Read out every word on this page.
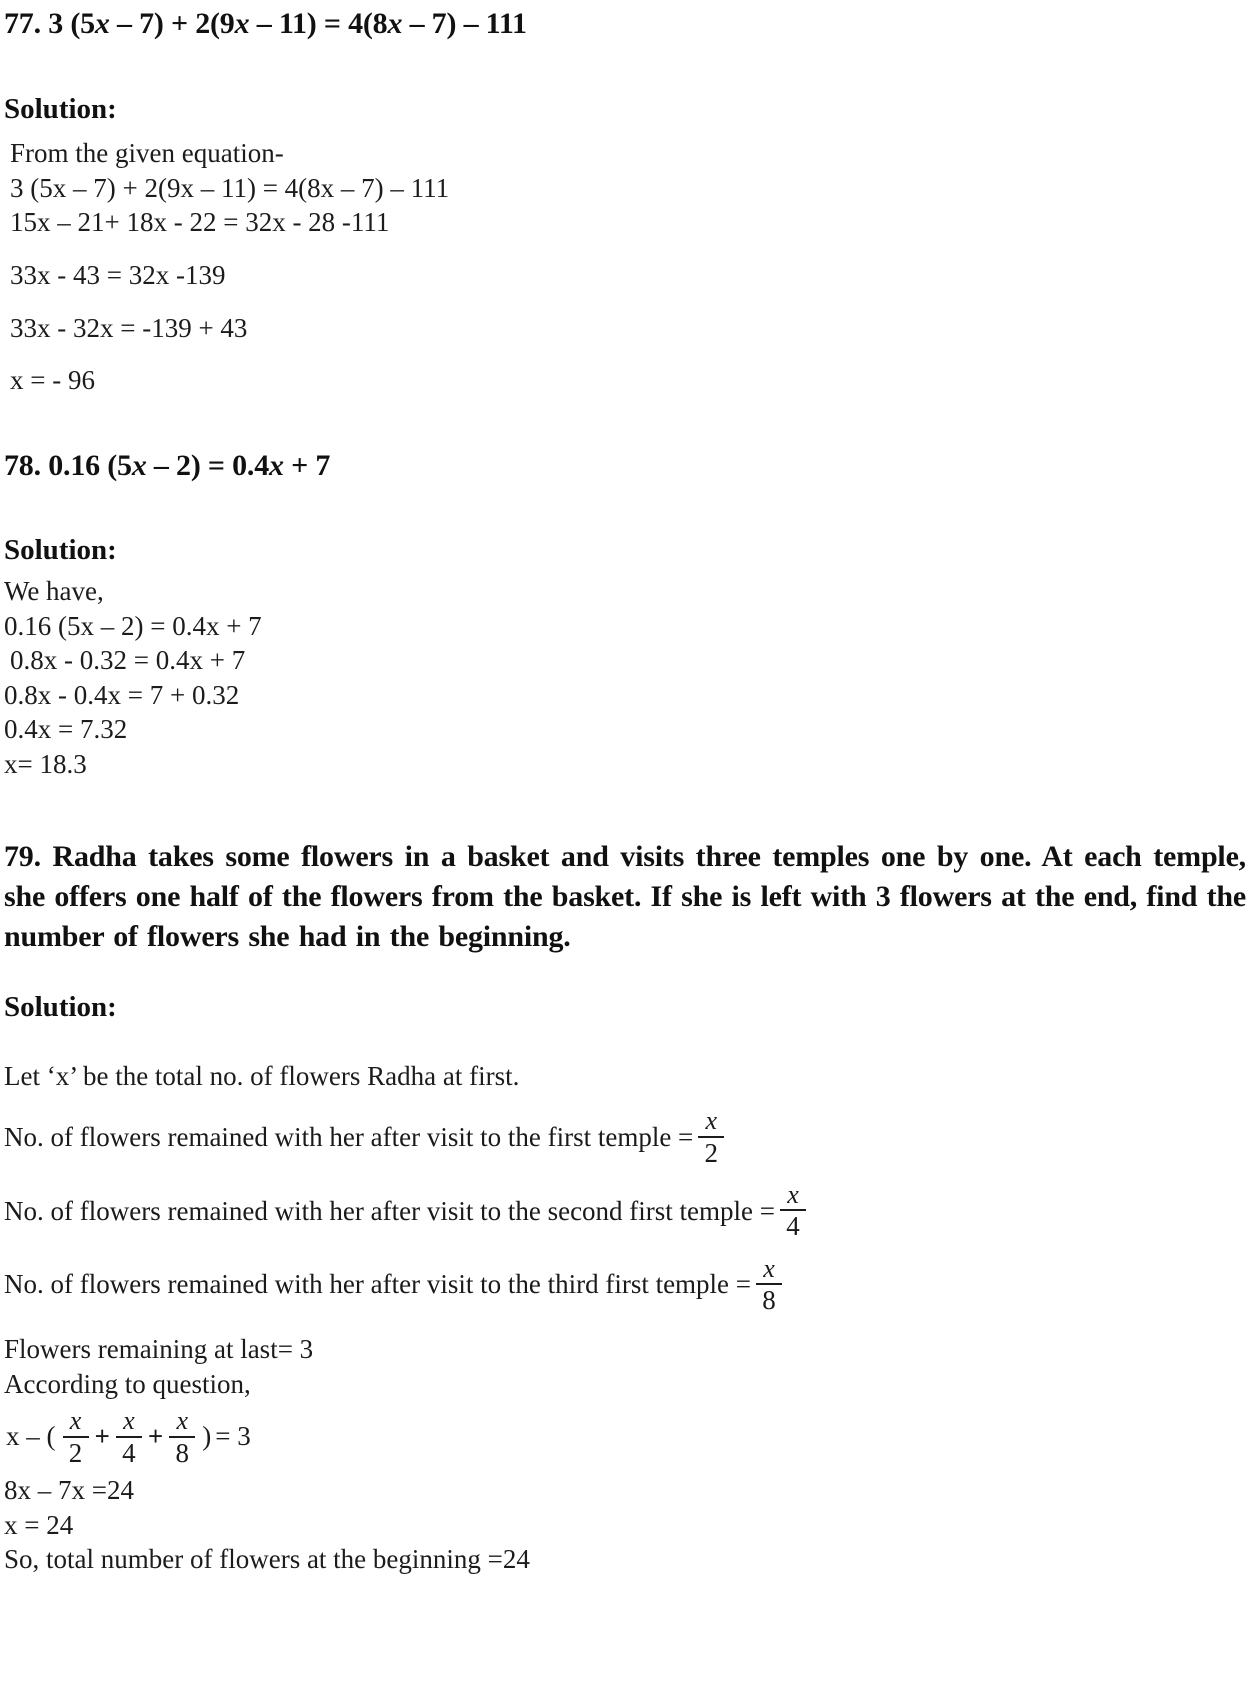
77. 3 (5x – 7) + 2(9x – 11) = 4(8x – 7) – 111
Solution:
From the given equation-
3 (5x – 7) + 2(9x – 11) = 4(8x – 7) – 111
15x – 21+ 18x - 22 = 32x - 28 -111
33x - 43 = 32x -139
33x - 32x = -139 + 43
x = - 96
78. 0.16 (5x – 2) = 0.4x + 7
Solution:
We have,
0.16 (5x – 2) = 0.4x + 7
0.8x - 0.32 = 0.4x + 7
0.8x - 0.4x = 7 + 0.32
0.4x = 7.32
x= 18.3
79. Radha takes some flowers in a basket and visits three temples one by one. At each temple, she offers one half of the flowers from the basket. If she is left with 3 flowers at the end, find the number of flowers she had in the beginning.
Solution:
Let ‘x’ be the total no. of flowers Radha at first.
No. of flowers remained with her after visit to the first temple = $\frac{x}{2}$
No. of flowers remained with her after visit to the second first temple = $\frac{x}{4}$
No. of flowers remained with her after visit to the third first temple = $\frac{x}{8}$
Flowers remaining at last= 3
According to question,
x – ( $\frac{x}{2} + \frac{x}{4} + \frac{x}{8}$ ) = 3
8x – 7x =24
x = 24
So, total number of flowers at the beginning =24
